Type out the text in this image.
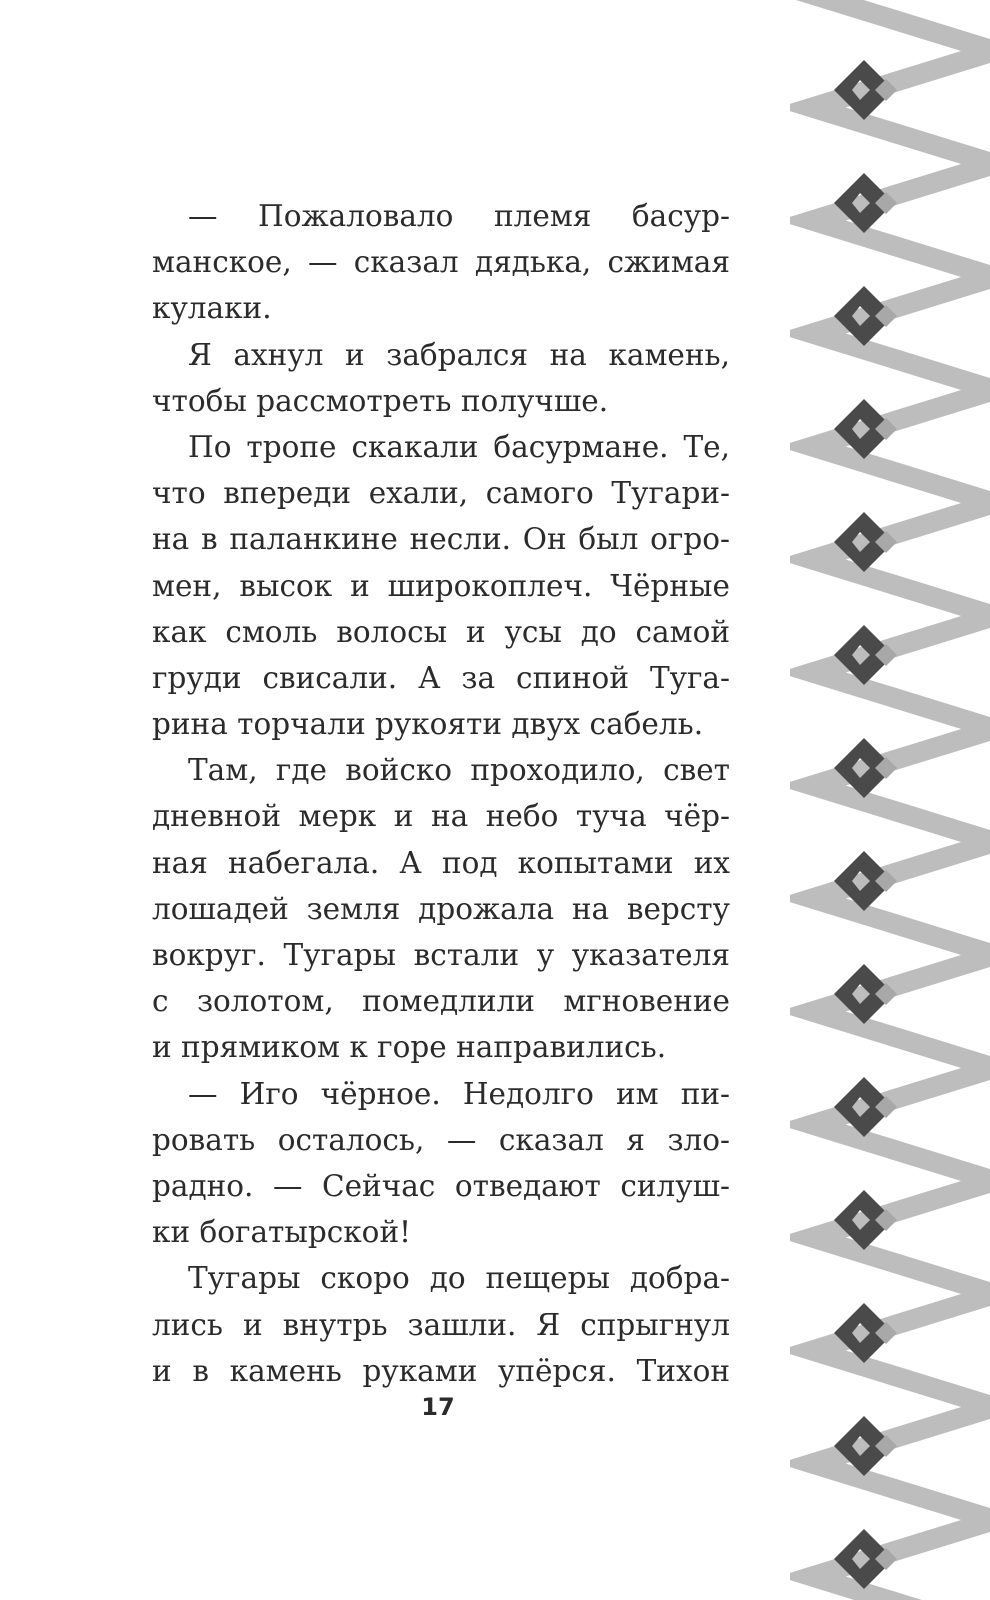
— Пожаловало племя басур-
манское, — сказал дядька, сжимая
кулаки.
Я ахнул и забрался на камень,
чтобы рассмотреть получше.
По тропе скакали басурмане. Те,
что впереди ехали, самого Тугари-
на в паланкине несли. Он был огро-
мен, высок и широкоплеч. Чёрные
как смоль волосы и усы до самой
груди свисали. А за спиной Туга-
рина торчали рукояти двух сабель.
Там, где войско проходило, свет
дневной мерк и на небо туча чёр-
ная набегала. А под копытами их
лошадей земля дрожала на версту
вокруг. Тугары встали у указателя
с золотом, помедлили мгновение
и прямиком к горе направились.
— Иго чёрное. Недолго им пи-
ровать осталось, — сказал я зло-
радно. — Сейчас отведают силуш-
ки богатырской!
Тугары скоро до пещеры добра-
лись и внутрь зашли. Я спрыгнул
и в камень руками упёрся. Тихон
17
